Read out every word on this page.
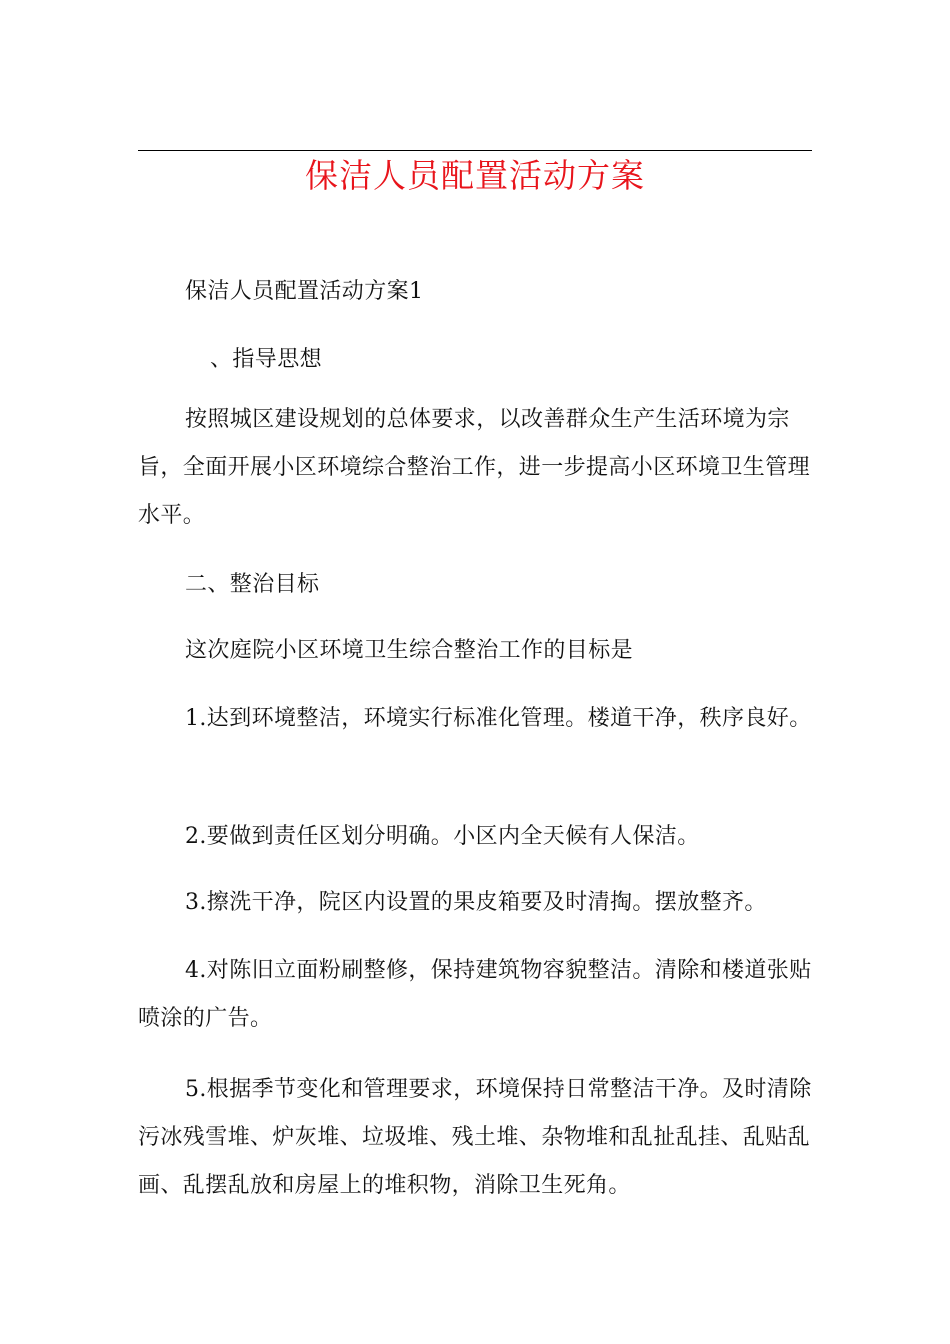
保洁人员配置活动方案

保洁人员配置活动方案1

、指导思想

按照城区建设规划的总体要求，以改善群众生产生活环境为宗旨，全面开展小区环境综合整治工作，进一步提高小区环境卫生管理水平。

二、整治目标

这次庭院小区环境卫生综合整治工作的目标是

1.达到环境整洁，环境实行标准化管理。楼道干净，秩序良好。

2.要做到责任区划分明确。小区内全天候有人保洁。

3.擦洗干净，院区内设置的果皮箱要及时清掏。摆放整齐。

4.对陈旧立面粉刷整修，保持建筑物容貌整洁。清除和楼道张贴喷涂的广告。

5.根据季节变化和管理要求，环境保持日常整洁干净。及时清除污冰残雪堆、炉灰堆、垃圾堆、残土堆、杂物堆和乱扯乱挂、乱贴乱画、乱摆乱放和房屋上的堆积物，消除卫生死角。
